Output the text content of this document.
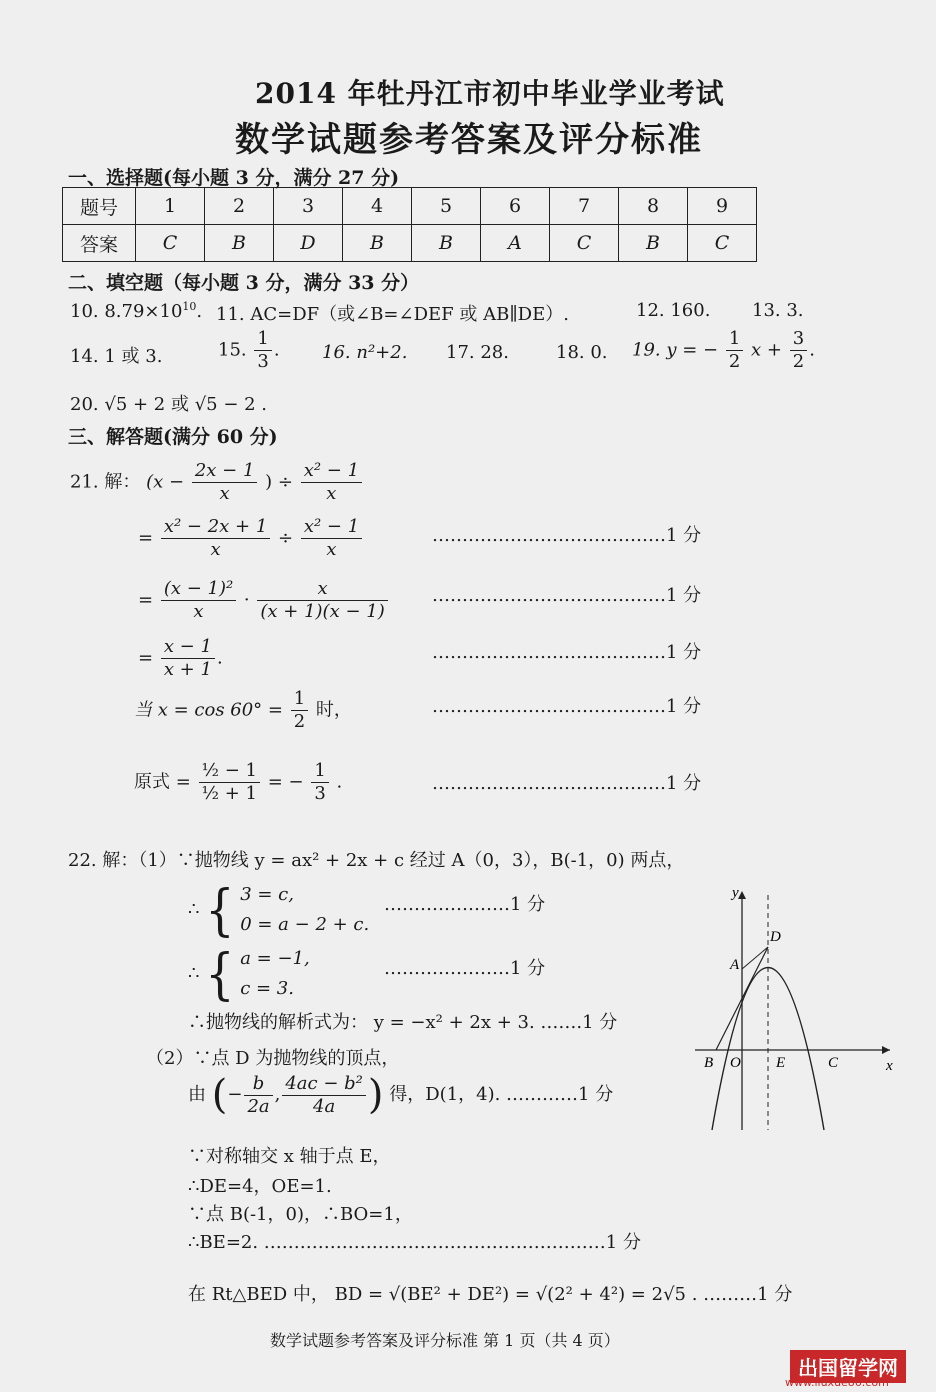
2014 年牡丹江市初中毕业学业考试
数学试题参考答案及评分标准
一、选择题(每小题 3 分，满分 27 分)
题号	1	2	3	4	5	6	7	8	9
答案	C	B	D	B	B	A	C	B	C
二、填空题（每小题 3 分，满分 33 分）
10. $8.79\times 10^{10}$. 11. AC=DF（或∠B=∠DEF 或 AB∥DE）.	12. 160. 13. 3.
14. 1 或 3.	15. $\frac{1}{3}$ . 16. n²+2. 17. 28.	18. 0. 19. y = − $\frac{1}{2}$ $x + \frac{3}{2}$ .
20. √5 + 2 或 √5 − 2 .
三、解答题(满分 60 分)
21. 解： ($x - \frac{2x - 1}{x}$ ) ÷ $\frac{\text{x² − 1}}{x}$
= $\frac{\text{x² − 2x + 1}}{x} \div \frac{\text{x² − 1}}{x}$	…………………………………1 分
= $\frac{\text{(x − 1)²}}{x} \cdot \frac{x}{(x + 1)(x - 1)}$ …………………………………1 分
= $\frac{x - 1}{x + 1}$ .	…………………………………1 分
当 $x = \cos 60^\circ = \frac{1}{2}$ 时，	…………………………………1 分
原式 = $\frac{\text{½ − 1}}{\text{½ + 1}}$ = − $\frac{1}{3}$ .	…………………………………1 分
22. 解：（1）∵抛物线 y = ax² + 2x + c 经过 A（0，3），B(-1，0) 两点，
∴ { 3 = c,
0 = a − 2 + c.
…………………1 分
∴ { a = −1,
c = 3.
…………………1 分
∴抛物线的解析式为： y = −x² + 2x + 3. …….1 分
（2）∵点 D 为抛物线的顶点，
由 (− $\frac{b}{2a}$ , $\frac{\text{4ac − b²}}{4a}$ ) 得，D(1，4). …………1 分
∵对称轴交 x 轴于点 E，
∴DE=4，OE=1.
∵点 B(-1，0)，∴BO=1，
∴BE=2. …………………………………………………1 分
在 Rt△BED 中， BD = √(BE² + DE²) = √(2² + 4²) = 2√5 . ………1 分
y
x
D
A
B O E	C
数学试题参考答案及评分标准 第 1 页（共 4 页）
出国留学网
www.liuxue86.com
